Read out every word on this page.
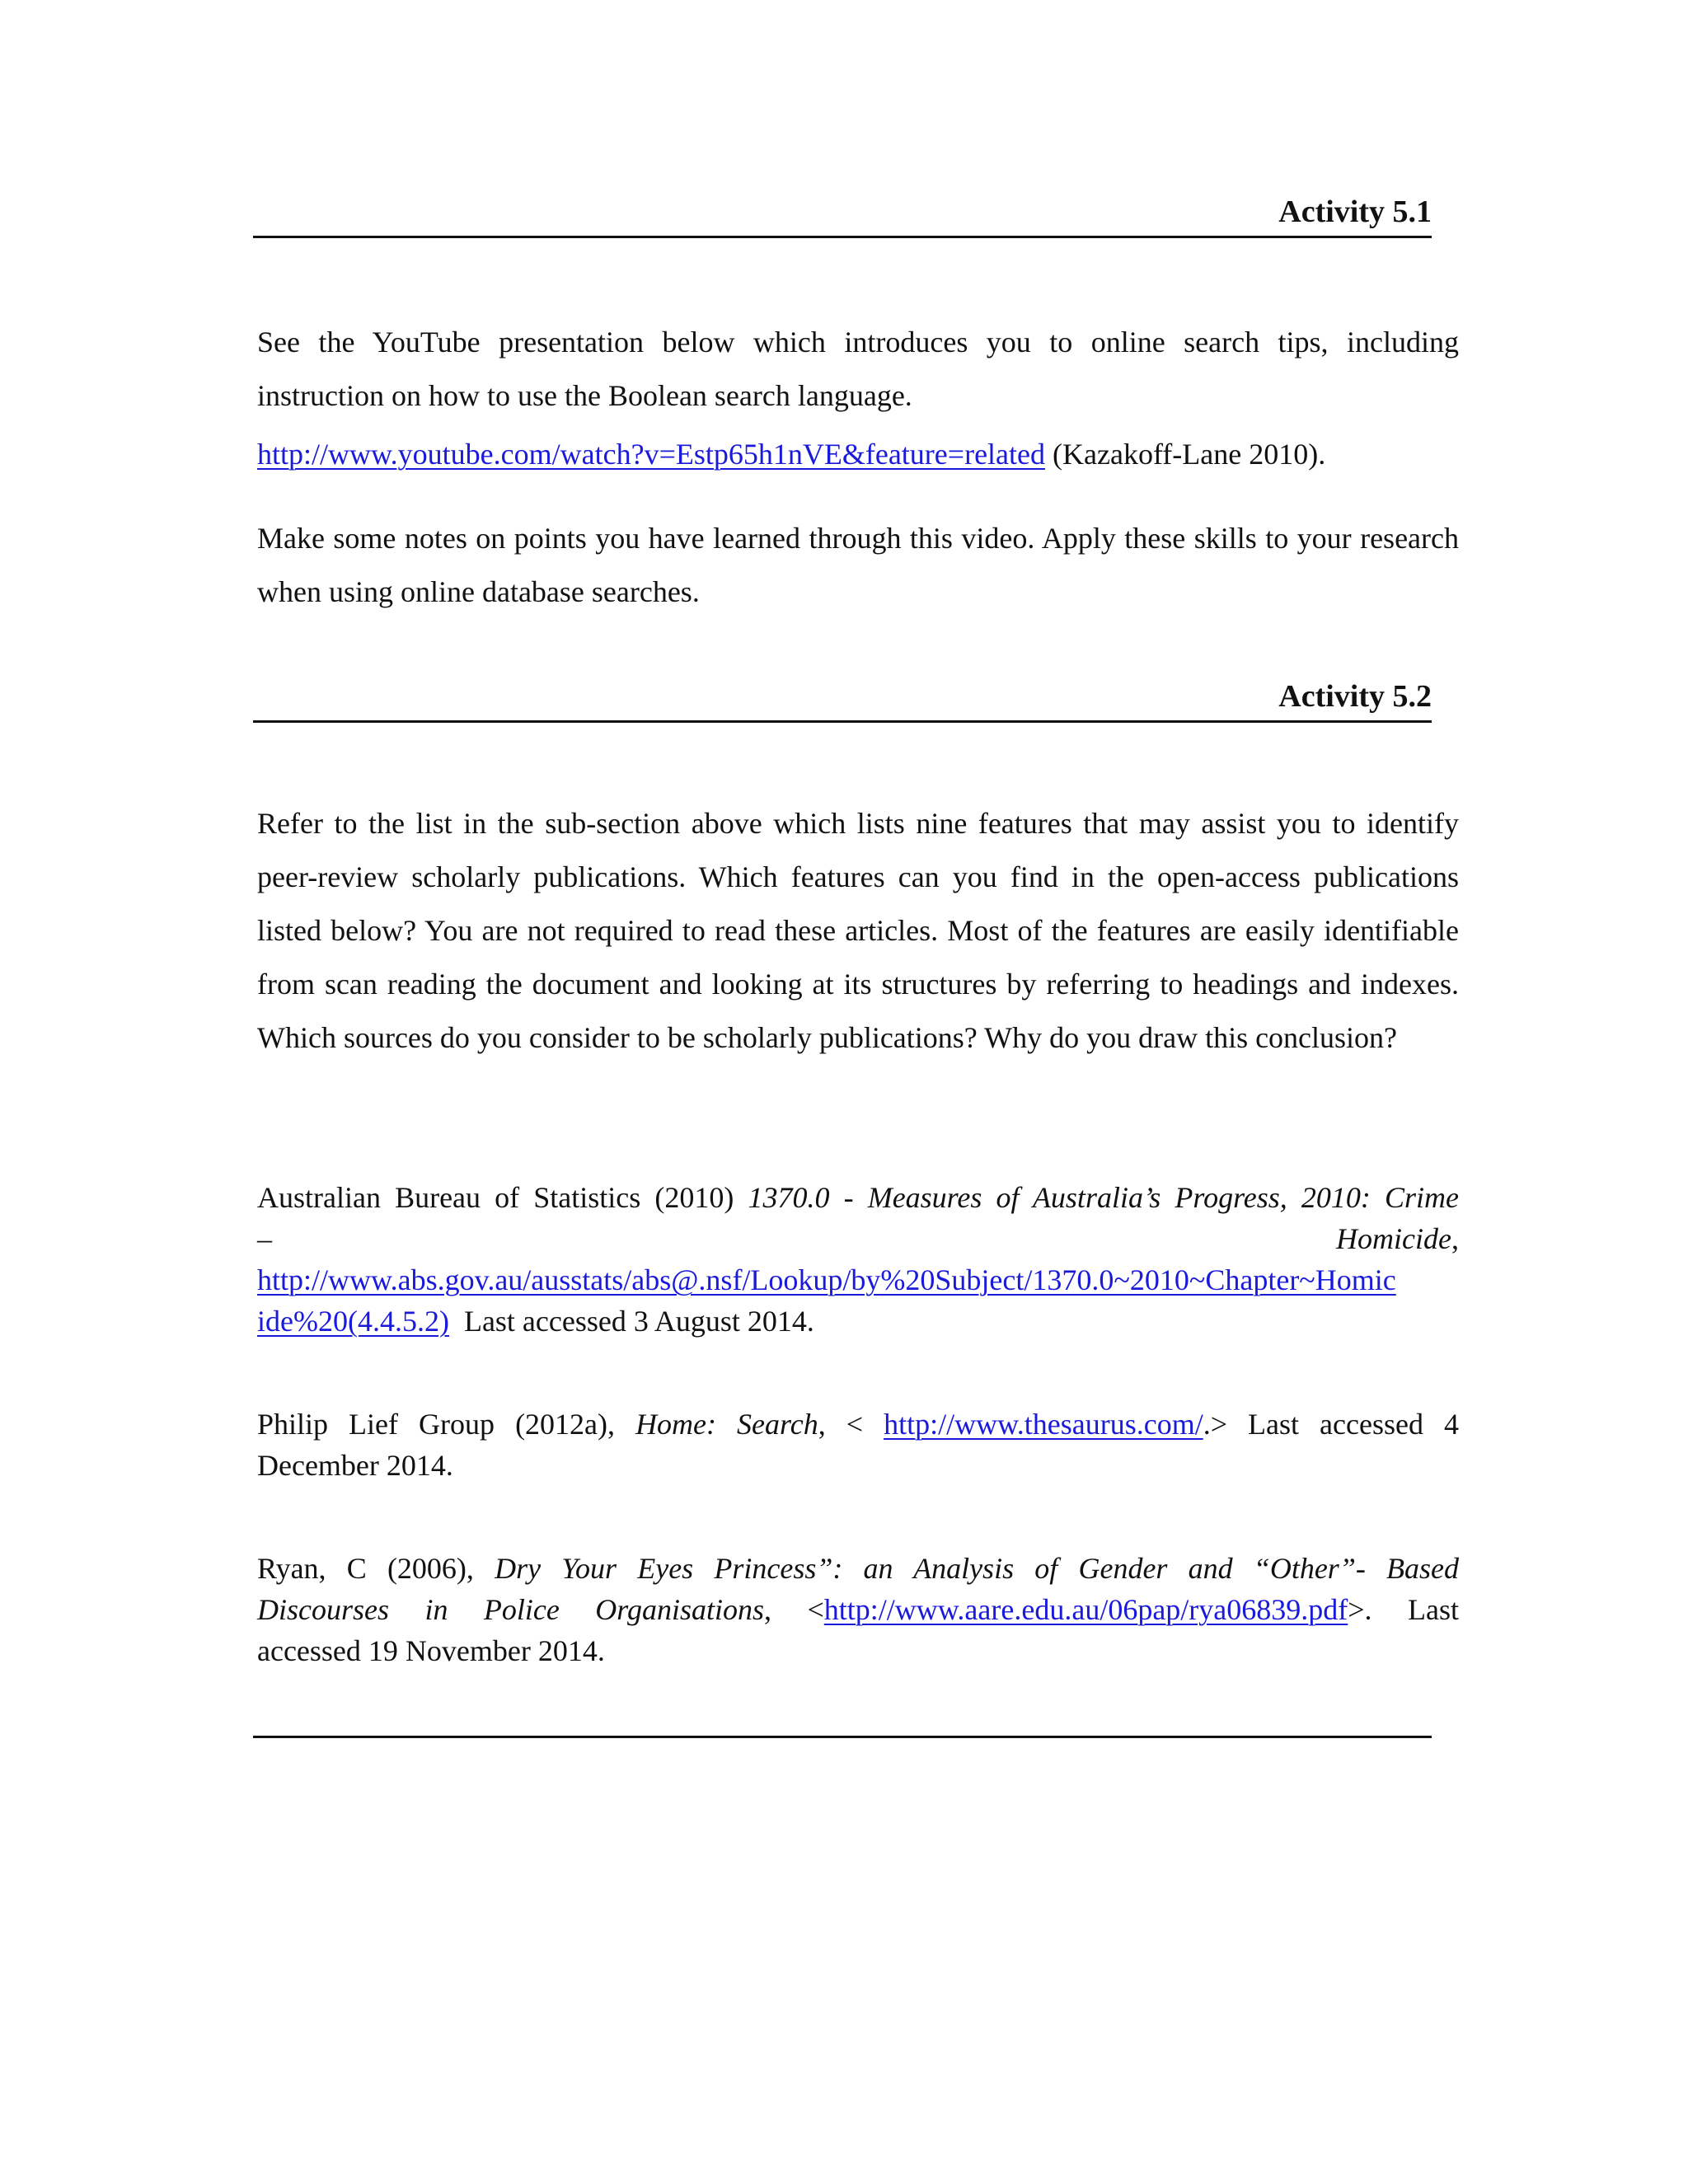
Activity 5.1
See the YouTube presentation below which introduces you to online search tips, including instruction on how to use the Boolean search language.
http://www.youtube.com/watch?v=Estp65h1nVE&feature=related (Kazakoff-Lane 2010).
Make some notes on points you have learned through this video. Apply these skills to your research when using online database searches.
Activity 5.2
Refer to the list in the sub-section above which lists nine features that may assist you to identify peer-review scholarly publications. Which features can you find in the open-access publications listed below? You are not required to read these articles. Most of the features are easily identifiable from scan reading the document and looking at its structures by referring to headings and indexes. Which sources do you consider to be scholarly publications? Why do you draw this conclusion?
Australian Bureau of Statistics (2010) 1370.0 - Measures of Australia’s Progress, 2010: Crime
–	Homicide,
http://www.abs.gov.au/ausstats/abs@.nsf/Lookup/by%20Subject/1370.0~2010~Chapter~Homic
ide%20(4.4.5.2)  Last accessed 3 August 2014.
Philip Lief Group (2012a), Home: Search, < http://www.thesaurus.com/.> Last accessed 4
December 2014.
Ryan, C (2006), Dry Your Eyes Princess”: an Analysis of Gender and “Other”- Based
Discourses in Police Organisations, <http://www.aare.edu.au/06pap/rya06839.pdf>. Last
accessed 19 November 2014.
